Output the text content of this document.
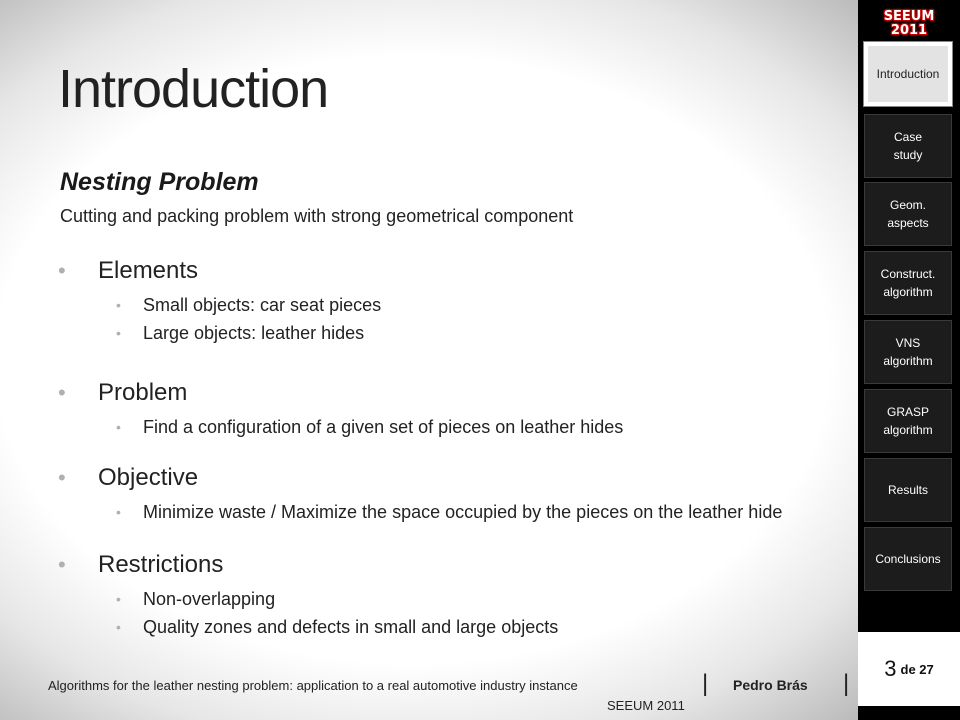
Introduction
Nesting Problem
Cutting and packing problem with strong geometrical component
• Elements
• Small objects: car seat pieces
• Large objects: leather hides
• Problem
• Find a configuration of a given set of pieces on leather hides
• Objective
• Minimize waste / Maximize the space occupied by the pieces on the leather hide
• Restrictions
• Non-overlapping
• Quality zones and defects in small and large objects
Algorithms for the leather nesting problem: application to a real automotive industry instance	| Pedro Brás |
SEEUM 2011
SEEUM 2011
Introduction
Case
study
Geom.
aspects
Construct.
algorithm
VNS
algorithm
GRASP
algorithm
Results
Conclusions
3 de 27
